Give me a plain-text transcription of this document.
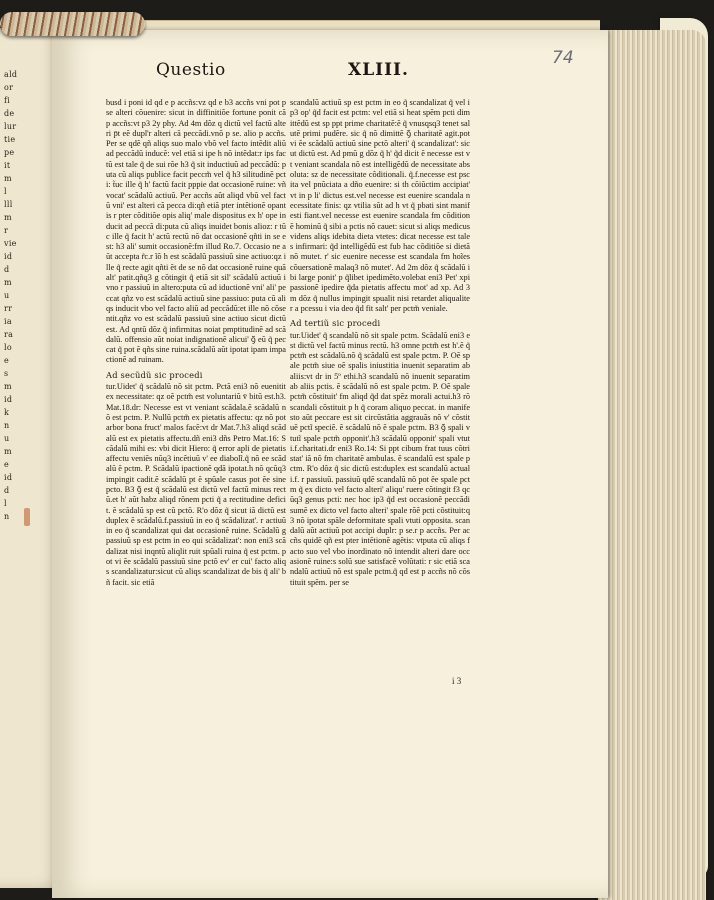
ald
or
fi
de
lur
tie
pe
it
m
l
lll
m
r
vie
id
d
m
u
rr
ia
ra
lo
e
s
m
id
k
n
u
m
e
id
d
l
n
74
Questio	XLIII.

busd i poni id qd e p accñs:vz qd e b3 accñs vni pot p se alteri cõuenire: sicut in diffinitiõe fortune ponit cã p accñs:vt p3 2y phy. Ad 4m dõz q dictũ vel factũ alteri p̄t eẽ dupl'r alteri cã peccãdi.vnõ p se. alio p accñs. Per se qdẽ qñ aliqs suo malo vbõ vel facto intẽdit aliũ ad peccãdũ inducẽ: vel etiã si ipe h nõ intẽdat:r ips factũ est tale q̃ de sui rõe h3 q̃ sit inductiuũ ad peccãdũ: puta cũ aliqs publice facit peccm̃ vel q̃ h3 silitudinẽ pcti: t̃uc ille q̃ h' factũ facit pppie dat occasionẽ ruine: vñ vocat' scãdalũ actiuũ. Per accñs aũt aliqd vbũ vel factũ vni' est alteri cã pecca di:qñ etiã pter intẽtionẽ opantis r pter cõditiõe opis aliq' male dispositus ex h' ope inducit ad peccã di:puta cũ aliqs inuidet bonis alioz: r tũc ille q̃ facit h' actũ rectũ nõ dat occasionẽ qñti in se est: h3 ali' sumit occasionẽ:fm illud Ro.7. Occasio ne aũt accepta r̃c.r ĩõ h est scãdalũ passiuũ sine actiuo:qz ille q̃ recte agit qñti ẽt de se nõ dat occasionẽ ruine quã alt' patit.qñq3 g cõtingit q̃ etiã sit sil' scãdalũ actiuũ i vno r passiuũ in altero:puta cũ ad iductionẽ vni' ali' peccat qñz vo est scãdalũ actiuũ sine passiuo: puta cũ aliqs inducit vbo vel facto aliũ ad peccãdũ:et ille nõ cõsentit.qñz vo est scãdalũ passiuũ sine actiuo sicut dictũ est. Ad qntũ dõz q̃ infirmitas noiat pmptitudinẽ ad scãdalũ. offensio aũt noiat indignationẽ alicui' ꝯ̃ eũ q̃ peccat q̃ pot ẽ qñs sine ruina.scãdalũ aũt ipotat ipam impactionẽ ad ruinam.

Ad secũdũ sic procedi

tur.Uidet' q̃ scãdalũ nõ sit pctm. Pctã eni3 nõ euenitit ex necessitate: qz oẽ pctm̃ est voluntariũ v̄ bitũ est.h3.Mat.18.dr: Necesse est vt veniant scãdala.ẽ scãdalũ nõ est pctm. P. Nullũ pctm̃ ex pietatis affectu: qz nõ pot arbor bona fruct' malos facẽ:vt dr Mat.7.h3 aliqd scãdalũ est ex pietatis affectu.dñ eni3 dñs Petro Mat.16: Scãdalũ mihi es: vbi dicit Hiero: q̃ error apli de pietatis affectu veniẽs nũq3 incẽtiuũ v' ee diabolĩ.q̃ nõ ee scãdalũ ẽ pctm. P. Scãdalũ ipactionẽ qdã ipotat.h nõ qcũq3 impingit cadit.ẽ scãdalũ pt ẽ spũale casus pot ẽe sine pcto. B3 ꝯ̃ est q̃ scãdalũ est dictũ vel factũ minus rectũ.et h' aũt habz aliqd rõnem pcti q̃ a rectitudine deficit. ẽ scãdalũ sp est cũ pctõ. R'o dõz q̃ sicut iã dictũ est duplex ẽ scãdalũ.f.passiuũ in eo q̃ scãdalizat'. r actiuũ in eo q̃ scandalizat qui dat occasionẽ ruine. Scãdalũ g passiuũ sp est pctm in eo qui scãdalizat': non eni3 scãdalizat nisi inqntũ aliqlit ruit spũali ruina q̃ est pctm. pot vi ẽe scãdalũ passiuũ sine pctõ ev' er cui' facto aliqs scandalizatur:sicut cũ aliqs scandalizat de bis q̃ ali' bñ facit. sic etiã

scandalũ actiuũ sp est pctm in eo q̃ scandalizat q̃ vel ip3 op' q̃d facit est pctm: vel etiã si heat spẽm pcti dimittẽdũ est sp ppt prime charitatẽ:ẽ q̃ vnusqsq3 tenet salutẽ primi pudẽre. sic q̃ nõ dimittẽ ꝯ̃ charitatẽ agit.pot vi ẽe scãdalũ actiuũ sine pctõ alteri' q̃ scandalizat': sicut dictũ est. Ad pmũ g dõz q̃ h' q̃d dicit ẽ necesse est vt veniant scandala nõ est intelligẽdũ de necessitate absoluta: sz de necessitate cõditionali. q̃.f.necesse est pscita vel pnũciata a dño euenire: si th cõiũctim accipiat' vt in p li' dictus est.vel necesse est euenire scandala necessitate finis: qz vtilia sũt ad h vt q̃ pbati sint manifesti fiant.vel necesse est euenire scandala fm cõditionẽ hominũ q̃ sibi a pctis nõ cauet: sicut si aliqs medicus videns aliqs idebita dieta vtetes: dicat necesse est tales infirmari: q̃d intelligẽdũ est fub hac cõditiõe si dietã nõ mutet. r' sic euenire necesse est scandala fm hoĩes cõuersationẽ malaq3 nõ mutet'. Ad 2m dõz q̃ scãdalũ ibi large ponit' p q̃libet ipedimẽto.volebat eni3 Pet' xpi passionẽ ipedire q̃da pietatis affectu mot' ad xp. Ad 3m dõz q̃ nullus impingit spualit nisi retardet aliqualiter a pcessu i via deo q̃d fit salt' per pctm̃ veniale.

Ad tertiũ sic procedi

tur.Uidet' q̃ scandalũ nõ sit spale pctm. Scãdalũ eni3 est dictũ vel factũ minus rectũ. h3 omne pctm̃ est h'.ẽ q̃ pctm̃ est scãdalũ.nõ q̃ scãdalũ est spale pctm. P. Oẽ spale pctm̃ siue oẽ spalis iniustitia inuenit separatim ab aliis:vt dr in 5º ethi.h3 scandalũ nõ inuenit separatim ab aliis pctis. ẽ scãdalũ nõ est spale pctm. P. Oẽ spale pctm̃ cõstituit' fm aliqd q̃d dat spẽz morali actui.h3 rõ scandali cõstituit p h q̃ coram aliquo peccat. in manifesto aũt peccare est sit circũstãtia aggrauãs nõ v' cõstituẽ pctĩ speciẽ. ẽ scãdalũ nõ ẽ spale pctm. B3 ꝯ̃ spali vtutĩ spale pctm̃ opponit'.h3 scãdalũ opponit' spali vtuti.f.charitati.dr eni3 Ro.14: Si ppt cibum frat tuus cõtristat' iã nõ fm charitatẽ ambulas. ẽ scandalũ est spale pctm. R'o dõz q̃ sic dictũ est:duplex est scandalũ actuali.f. r passiuũ. passiuũ qdẽ scandalũ nõ pot ẽe spale pctm q̃ ex dicto vel facto alteri' aliqu' ruere cõtingit f3 qcũq3 genus pcti: nec hoc ip3 q̃d est occasionẽ peccãdi sumẽ ex dicto vel facto alteri' spale rõẽ pcti cõstituit:q3 nõ ipotat spãle deformitate spali vtuti opposita. scandalũ aũt actiuũ pot accipi duplr: p se.r p accñs. Per accñs quidẽ qñ est pter intẽtionẽ agẽtis: vtputa cũ aliqs facto suo vel vbo inordinato nõ intendit alteri dare occasionẽ ruine:s solũ sue satisfacẽ volũtati: r sic etiã scandalũ actiuũ nõ est spale pctm.q̃ qd est p accñs nõ cõstituit spẽm. per se

i 3
